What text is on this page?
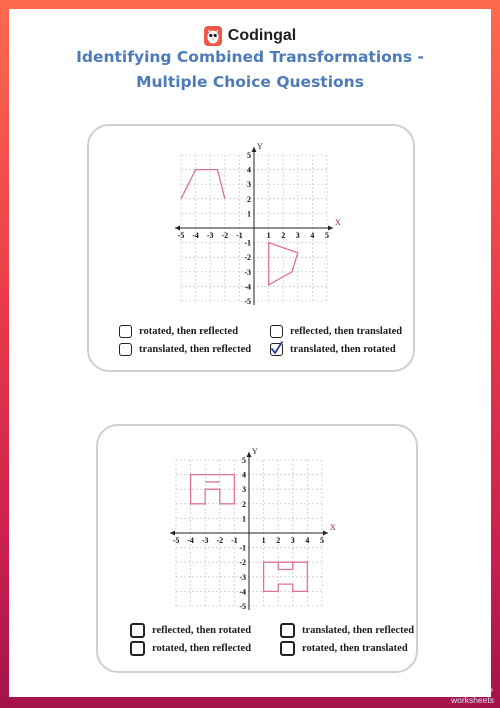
Codingal
Identifying Combined Transformations -
Multiple Choice Questions
X
Y
-5 -4 -3 -2 -1	1 2 3 4 5
5
4
3
2
1
-1
-2
-3
-4
-5
rotated, then reflected	reflected, then translated
translated, then reflected	translated, then rotated
X
Y
-5 -4 -3 -2 -1	1 2 3 4 5
5
4
3
2
1
-1
-2
-3
-4
-5
reflected, then rotated	translated, then reflected
rotated, then reflected	rotated, then translated
TOP
worksheets
